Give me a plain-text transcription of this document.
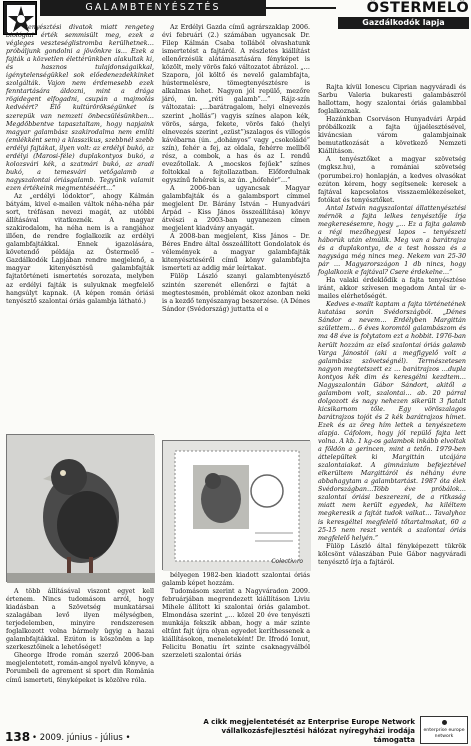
GALAMBTENYÉSZTÉS	ÖSTERMELŐ
Gazdálkodók lapja

a tenyésztési divatok miatt rengeteg biológiai érték semmisült meg, ezek a végleges veszteséglistromba kerülhetnek… próbáljunk gondolni a jövőnkre is… Ezek a fajták a közvetlen élettérünkben alakultak ki, és hasznos tulajdonságaikkal, igénytelenségükkel sok előedenezdekkinket szolgálták. Vajon nem érdemesebb ezek fenntartására áldozni, mint a drága rögidegent elfogadni, csupán a majmolás kedvéért? Élő kultúrörökségünket is szerepük van nemzeti önbecsülésünkben… Megdöbbentve tapasztaltam, hogy napjaink magyar galambász szakirodalma nem említi (emlékként sem) a klasszikus, szebbnél szebb erdélyi fajtákat, ilyen volt: az erdélyi bukó, az erdélyi (Marosi-féle) duplakontyos bukó, a kolozsvári kék, a szatmári bukó, az aradi bukó, a temesvári vetőgalamb a nagyszalontai óriásgalamb. Tegyünk valamit ezen értékeink megmentéséért…”

Az „erdélyi lódoktor”, ahogy Kálmán bátyám, kivel e-mailen váltok néha-néha pár sort, tréfásan nevezi magát, az utóbbi állításával vitatkoznék. A magyar szakirodalom, ha néha nem is a rangjához illően, de rendre foglalkozik az erdélyi galambfajtákkal. Ennek igazolására, követendő példája az Östermelő – Gazdálkodók Lapjában rendre megjelenő, a magyar kitenyésztésű galambfajták fajtatörténeti ismertetés sorozata, melyben az erdélyi fajták is sulyuknak megfelelő hangsúlyt kapnak. (A képen román óriási tenyésztő szalontai óriás galambja látható.)

A több állításával viszont egyet kell értenem. Nincs tudomásom arról, hogy kiadásban a Szövetség munkatársai szalagában levő ilyen mélységben, terjedelemben, minyire rendszeresen foglalkozott volna bármely ügyig a hazai galambfajtákkal. Ezúton is köszönöm a lap szerkesztőinek a lehetőséget!

Gheorge Ifrode román szerző 2006-ban megjelentetett, román-angol nyelvű könyve, a Porumbeli de agrement si sport din România című ismerteti, fényképeket is közölve róla.

Az Erdélyi Gazda című agrárszaklap 2006. évi februári (2.) számában ugyancsak Dr. Filep Kálmán Csaba tollából olvashatunk ismertetést a fajtáról. A részletes kiállítást ellenőrzésük alátámasztására fényképet is közölt, mely vörös fakó változatot ábrázol. „… Szapora, jól költő és nevelő galambfajta, hústermelésre, tömegtenyésztésre is alkalmas lehet. Nagyon jól repülő, mezőre járó, ún. „réti galamb”…” Rájz-szín változatai: „…barátragalom, helyi elnevezés szerint „hollás”) vagyis színes alapon kék, vörös, sárga, fekete, vörös fakó (helyi elnevezés szerint „ezüst”)szalagos és villogós kávébarna (ún. „dohányos” vagy „csokoládé” szín), fehér a fej, az oldala, fehérre mellből rész, a combok, a has és az I. rendű evezőtollak. A „mocskos fejűek” színes foltokkal a fejtollazatban. Előfordulnak egyszínű fehérek is, az ún. „hófehér”…”

A 2006-ban ugyancsak Magyar galambfajták és a galambsport címmel megjelent Dr. Bárány István – Hunyadvári Árpád – Kiss János összeállítása) könyv átvészi a 2003-ban ugyanezen címen megjelent kiadvány anyagát.

A 2008-ban megjelent, Kiss János – Dr. Béres Endre által összeállított Gondolatok és vélemények a magyar galambfajták kitenyésztéséről című könyv galambfajta ismerteti az addig már leírtakat.

Fülöp László szanyi galambtenyésztő szintén szerenét ellenőrzi e fajtát a megtestesmén, problémát okoz azonban neki is a kezdő tenyészanyag beszerzése. (A Dénes Sándor (Svédország) juttatta el e

Colectiv.ro

bélyegen 1982-ben kiadott szalontai óriás galamb képet hozzám.

Tudomásom szerint a Nagyváradon 2009. februárjában megrendezett kiállításon Liviu Mihele állított ki szalontai óriás galambot. Elmondása szerint „… közel 20 éve tenyészti munkája fekszik abban, hogy a már szinte eltűnt fajt újra olyan egyedet keríthessenek a kiállításokon, meneleteként! Dr. Ifrodó Ionut, Felicitu Bonatiu írt szinte csaknagyválból szerzeleti szalontai óriás

Rajta kívül Ionescu Ciprian nagyváradi és Sarbu Valeria bukaresti galambászról hallottam, hogy szalontai óriás galambbal foglalkoznak.

Hazánkban Csorváson Hunyadvári Árpád próbálkozik a fajta újjaélesztésével, kiváncsian várom galambjainak bemutatkozását a következő Nemzeti Kiállításon.

A tenyésztőket a magyar szövetség (mgksz.hu), a romániai szövetség (porumbei.ro) honlapján, a kedves olvasókat ezúton kérem, hogy segítsenek: keresek a fajtával kapcsolatos visszaemlékezéseket, fotókat és tenyésztőket.

Antal István nagyszalontai állattenyésztési mérnök a fajta lelkes tenyésztője írja megkeresésemre, hogy „… Ez a fajta galamb a régi mezőhegyesi lapos – tenyészeti háborúk után elmúlik. Meg van a barátrajza és a duplakontya, de a test hossza és a nagysága még nincs meg. Nekem van 25-30 pár … Magyarországon 1 db nincs, hogy foglalkozik e fajtával? Csere érdekelne…”

Ha valaki érdeklődik a fajta tenyésztése iránt, akkor szívesen megadom Antal úr e-mailes elérhetőségét.

Kedves e-mailt kaptam a fajta történetének kutatása során Svédországból. „Dénes Sándor a nevem… Erdélyben Margittán születtem… 6 éves koromtól galambászom és ma 48 éve is folytatom ezt a hobbit. 1976-ban került hozzám az első szalontai óriás galamb Varga Jánostól (aki a megfigyelő volt a galambász szövetségnél). Természetesen nagyon megtetszett ez … barátrajzos …dupla kontyos kék dim és keresgélni kezdtem… Nagyszalontán Gábor Sándort, akitől a galambom volt, szalontai… ab. 20 párral dolgozott és nagy nehezen sikerült 3 fiatalt kicsikarnom tőle. Egy vöröszalagos barátrajzos tojót és 2 kék barátrajzos hímet. Ezek és az öreg hím lettek a tenyészetem alapja. Cáfolom, hogy jól repülő fajta lett volna. A kb. 1 kg-os galambok inkább elvoltak a földön a gerincen, mint a tetőn. 1979-ben áttelepültek ki Margittán utcájára szalontaiakat. A gimnázium befejeztével elkerültem Margittáról és néhány évre abbahagytam a galambtartást. 1987 óta élek Svédországban…Több éve próbálok… szalontai óriási beszerezni, de a ritkaság miatt nem került egyedek, ha kiléltem megkeresik a fajtát tudok valkat… Tavalyhoz is keresgéltel megfelelő tőtartalmakat, 60 a 25-15 nem reszt venték a szalontai óriás megfelelő helyén.”

Fülöp László által fényképezett tükrök kölcsönt válaszában Puie Gábor nagyváradi tenyésztő írja a fajtáról.

138 • 2009. június - július •
A cikk megjelentetését az Enterprise Europe Network
vállalkozásfejlesztési hálózat nyíregyházi irodája támogatta

enterprise europe network
